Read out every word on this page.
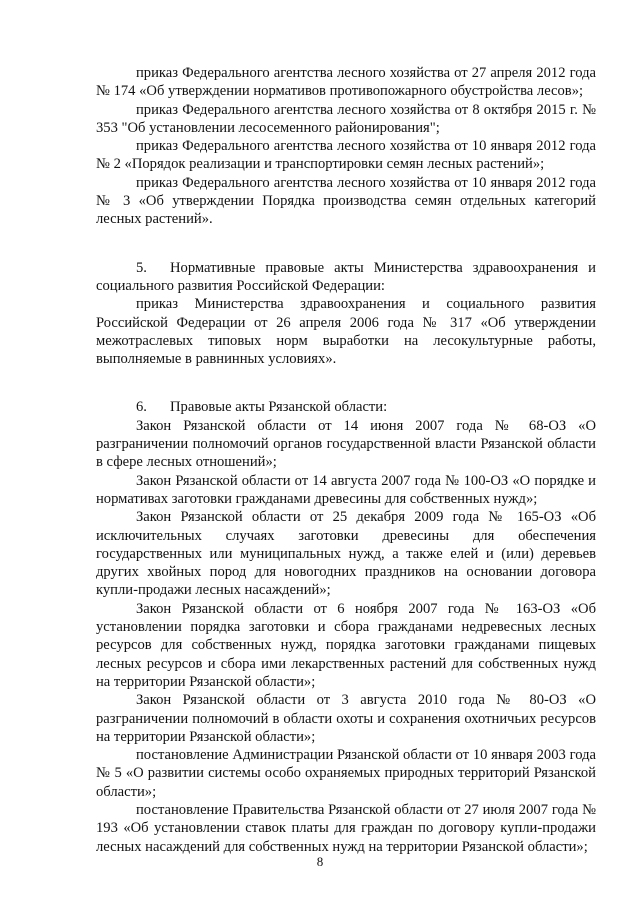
приказ Федерального агентства лесного хозяйства от 27 апреля 2012 года № 174 «Об утверждении нормативов противопожарного обустройства лесов»;

приказ Федерального агентства лесного хозяйства от 8 октября 2015 г. № 353 "Об установлении лесосеменного районирования";

приказ Федерального агентства лесного хозяйства от 10 января 2012 года № 2 «Порядок реализации и транспортировки семян лесных растений»;

приказ Федерального агентства лесного хозяйства от 10 января 2012 года № 3 «Об утверждении Порядка производства семян отдельных категорий лесных растений».

5. Нормативные правовые акты Министерства здравоохранения и социального развития Российской Федерации:

приказ Министерства здравоохранения и социального развития Российской Федерации от 26 апреля 2006 года № 317 «Об утверждении межотраслевых типовых норм выработки на лесокультурные работы, выполняемые в равнинных условиях».

6. Правовые акты Рязанской области:

Закон Рязанской области от 14 июня 2007 года № 68-ОЗ «О разграничении полномочий органов государственной власти Рязанской области в сфере лесных отношений»;

Закон Рязанской области от 14 августа 2007 года № 100-ОЗ «О порядке и нормативах заготовки гражданами древесины для собственных нужд»;

Закон Рязанской области от 25 декабря 2009 года № 165-ОЗ «Об исключительных случаях заготовки древесины для обеспечения государственных или муниципальных нужд, а также елей и (или) деревьев других хвойных пород для новогодних праздников на основании договора купли-продажи лесных насаждений»;

Закон Рязанской области от 6 ноября 2007 года № 163-ОЗ «Об установлении порядка заготовки и сбора гражданами недревесных лесных ресурсов для собственных нужд, порядка заготовки гражданами пищевых лесных ресурсов и сбора ими лекарственных растений для собственных нужд на территории Рязанской области»;

Закон Рязанской области от 3 августа 2010 года № 80-ОЗ «О разграничении полномочий в области охоты и сохранения охотничьих ресурсов на территории Рязанской области»;

постановление Администрации Рязанской области от 10 января 2003 года № 5 «О развитии системы особо охраняемых природных территорий Рязанской области»;

постановление Правительства Рязанской области от 27 июля 2007 года № 193 «Об установлении ставок платы для граждан по договору купли-продажи лесных насаждений для собственных нужд на территории Рязанской области»;

8
